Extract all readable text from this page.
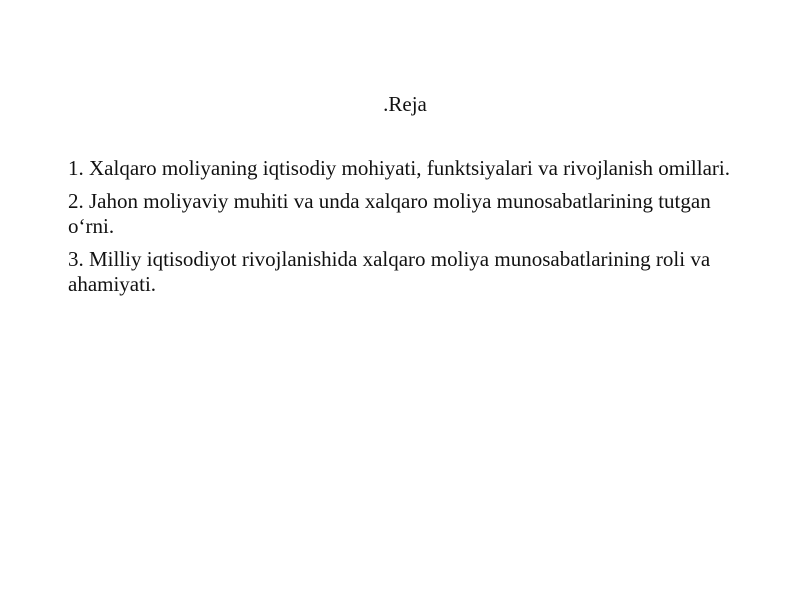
.Reja
1. Xalqaro moliyaning iqtisodiy mohiyati, funktsiyalari va rivojlanish omillari.
2. Jahon moliyaviy muhiti va unda xalqaro moliya munosabatlarining tutgan o‘rni.
3. Milliy iqtisodiyot rivojlanishida xalqaro moliya munosabatlarining roli va ahamiyati.
